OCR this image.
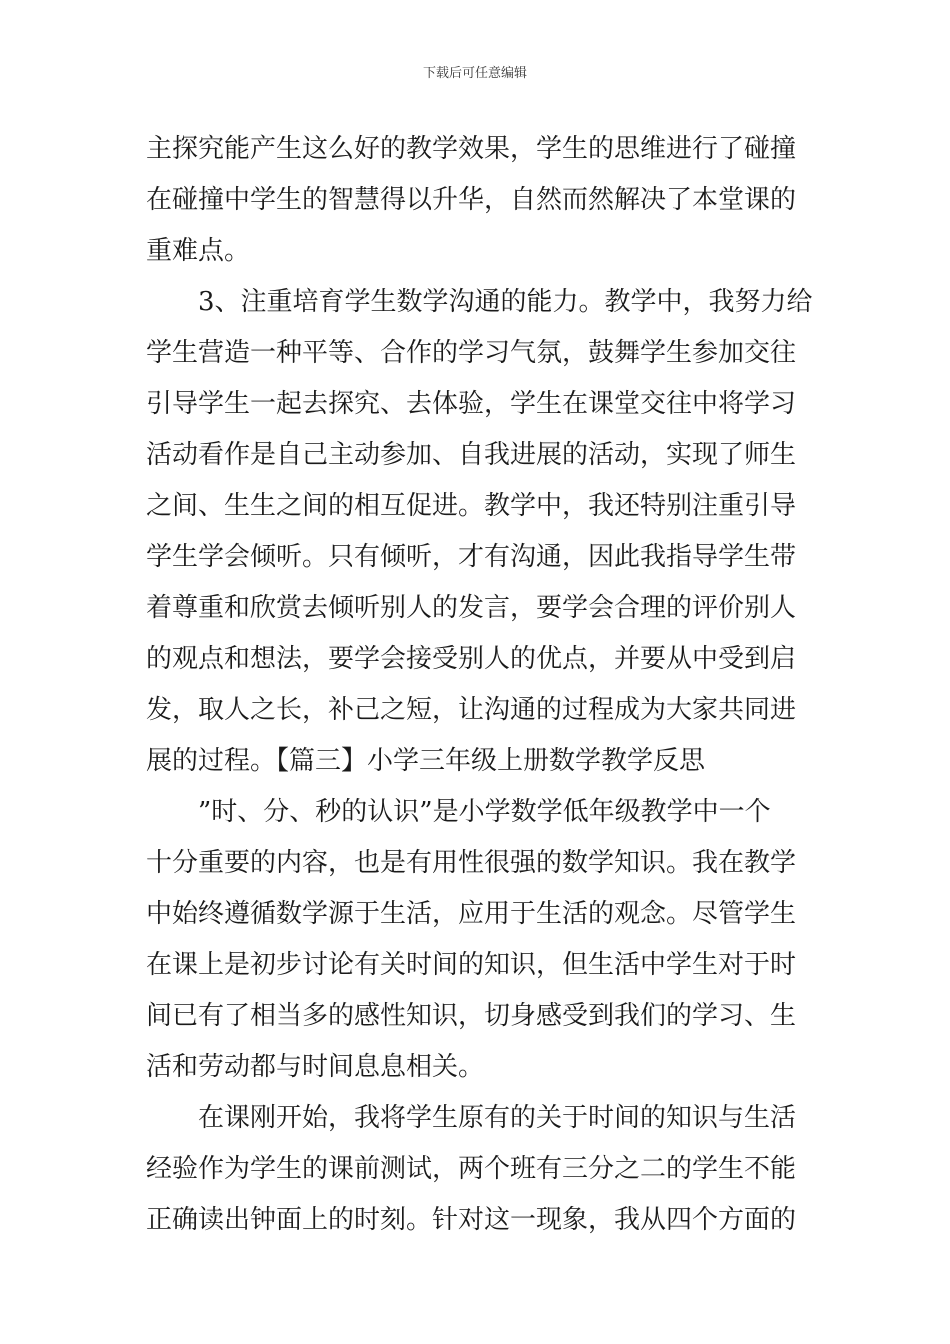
下载后可任意编辑
主探究能产生这么好的教学效果，学生的思维进行了碰撞
在碰撞中学生的智慧得以升华，自然而然解决了本堂课的
重难点。
3、注重培育学生数学沟通的能力。教学中，我努力给
学生营造一种平等、合作的学习气氛，鼓舞学生参加交往
引导学生一起去探究、去体验，学生在课堂交往中将学习
活动看作是自己主动参加、自我进展的活动，实现了师生
之间、生生之间的相互促进。教学中，我还特别注重引导
学生学会倾听。只有倾听，才有沟通，因此我指导学生带
着尊重和欣赏去倾听别人的发言，要学会合理的评价别人
的观点和想法，要学会接受别人的优点，并要从中受到启
发，取人之长，补己之短，让沟通的过程成为大家共同进
展的过程。【篇三】小学三年级上册数学教学反思
”时、分、秒的认识”是小学数学低年级教学中一个
十分重要的内容，也是有用性很强的数学知识。我在教学
中始终遵循数学源于生活，应用于生活的观念。尽管学生
在课上是初步讨论有关时间的知识，但生活中学生对于时
间已有了相当多的感性知识，切身感受到我们的学习、生
活和劳动都与时间息息相关。
在课刚开始，我将学生原有的关于时间的知识与生活
经验作为学生的课前测试，两个班有三分之二的学生不能
正确读出钟面上的时刻。针对这一现象，我从四个方面的
